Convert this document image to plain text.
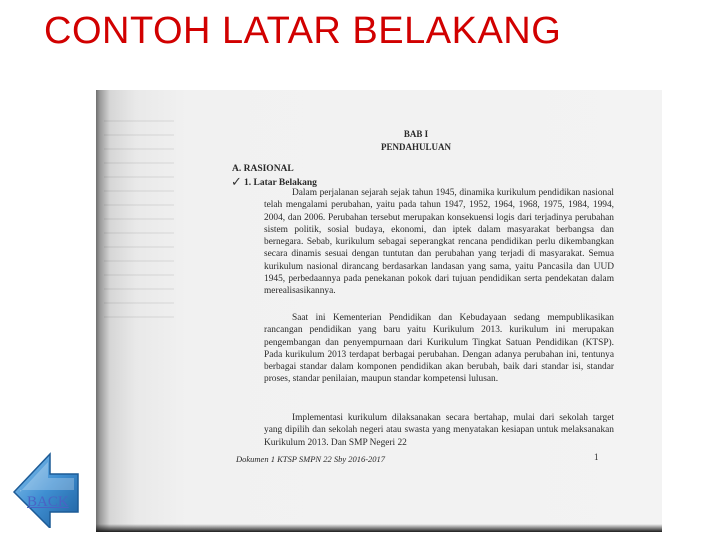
CONTOH LATAR BELAKANG
BAB I
PENDAHULUAN
A. RASIONAL
✓ 1. Latar Belakang
Dalam perjalanan sejarah sejak tahun 1945, dinamika kurikulum pendidikan nasional telah mengalami perubahan, yaitu pada tahun 1947, 1952, 1964, 1968, 1975, 1984, 1994, 2004, dan 2006. Perubahan tersebut merupakan konsekuensi logis dari terjadinya perubahan sistem politik, sosial budaya, ekonomi, dan iptek dalam masyarakat berbangsa dan bernegara. Sebab, kurikulum sebagai seperangkat rencana pendidikan perlu dikembangkan secara dinamis sesuai dengan tuntutan dan perubahan yang terjadi di masyarakat. Semua kurikulum nasional dirancang berdasarkan landasan yang sama, yaitu Pancasila dan UUD 1945, perbedaannya pada penekanan pokok dari tujuan pendidikan serta pendekatan dalam merealisasikannya.
Saat ini Kementerian Pendidikan dan Kebudayaan sedang mempublikasikan rancangan pendidikan yang baru yaitu Kurikulum 2013. kurikulum ini merupakan pengembangan dan penyempurnaan dari Kurikulum Tingkat Satuan Pendidikan (KTSP). Pada kurikulum 2013 terdapat berbagai perubahan. Dengan adanya perubahan ini, tentunya berbagai standar dalam komponen pendidikan akan berubah, baik dari standar isi, standar proses, standar penilaian, maupun standar kompetensi lulusan.
Implementasi kurikulum dilaksanakan secara bertahap, mulai dari sekolah target yang dipilih dan sekolah negeri atau swasta yang menyatakan kesiapan untuk melaksanakan Kurikulum 2013. Dan SMP Negeri 22
Dokumen 1 KTSP SMPN 22 Sby 2016-2017	1
BACK
